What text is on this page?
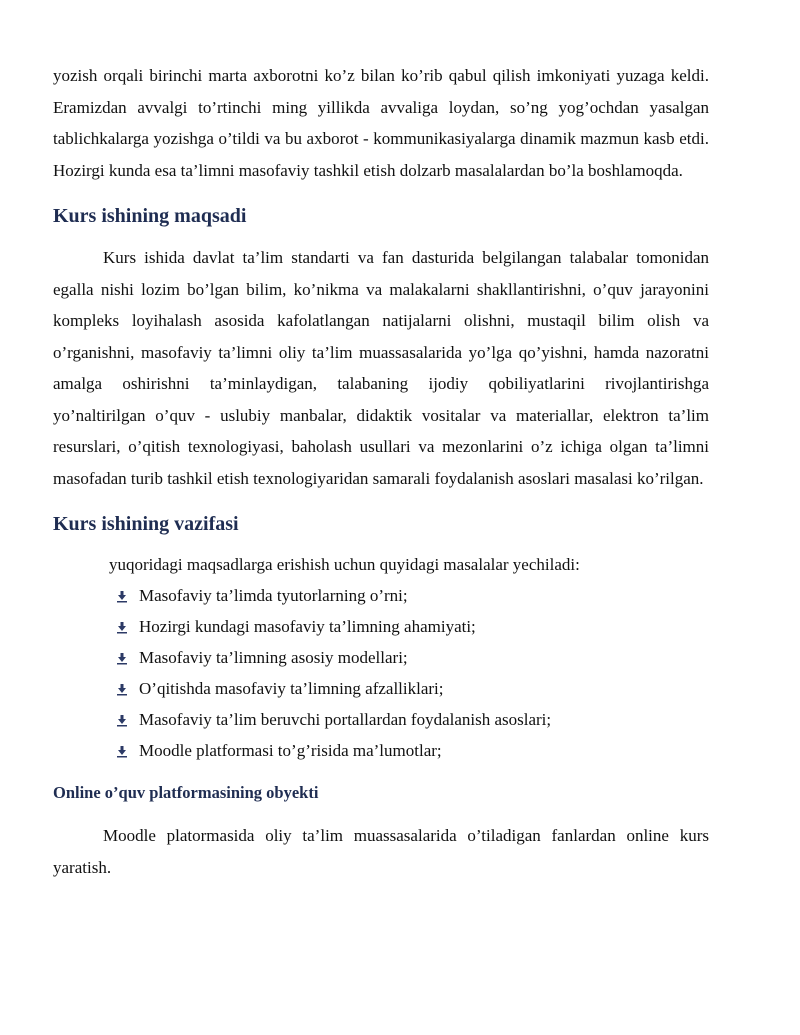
yozish orqali birinchi marta axborotni ko’z bilan ko’rib qabul qilish imkoniyati yuzaga keldi. Eramizdan avvalgi to’rtinchi ming yillikda avvaliga loydan, so’ng yog’ochdan yasalgan tablichkalarga yozishga o’tildi va bu axborot - kommunikasiyalarga dinamik mazmun kasb etdi. Hozirgi kunda esa ta’limni masofaviy tashkil etish dolzarb masalalardan bo’la boshlamoqda.

Kurs ishining maqsadi

Kurs ishida davlat ta’lim standarti va fan dasturida belgilangan talabalar tomonidan egalla nishi lozim bo’lgan bilim, ko’nikma va malakalarni shakllantirishni, o’quv jarayonini kompleks loyihalash asosida kafolatlangan natijalarni olishni, mustaqil bilim olish va o’rganishni, masofaviy ta’limni oliy ta’lim muassasalarida yo’lga qo’yishni, hamda nazoratni amalga oshirishni ta’minlaydigan, talabaning ijodiy qobiliyatlarini rivojlantirishga yo’naltirilgan o’quv - uslubiy manbalar, didaktik vositalar va materiallar, elektron ta’lim resurslari, o’qitish texnologiyasi, baholash usullari va mezonlarini o’z ichiga olgan ta’limni masofadan turib tashkil etish texnologiyaridan samarali foydalanish asoslari masalasi ko’rilgan.

Kurs ishining vazifasi

yuqoridagi maqsadlarga erishish uchun quyidagi masalalar yechiladi:

Masofaviy ta’limda tyutorlarning o’rni;
Hozirgi kundagi masofaviy ta’limning ahamiyati;
Masofaviy ta’limning asosiy modellari;
O’qitishda masofaviy ta’limning afzalliklari;
Masofaviy ta’lim beruvchi portallardan foydalanish asoslari;
Moodle platformasi to’g’risida ma’lumotlar;
Online o’quv platformasining obyekti

Moodle platormasida oliy ta’lim muassasalarida o’tiladigan fanlardan online kurs yaratish.
